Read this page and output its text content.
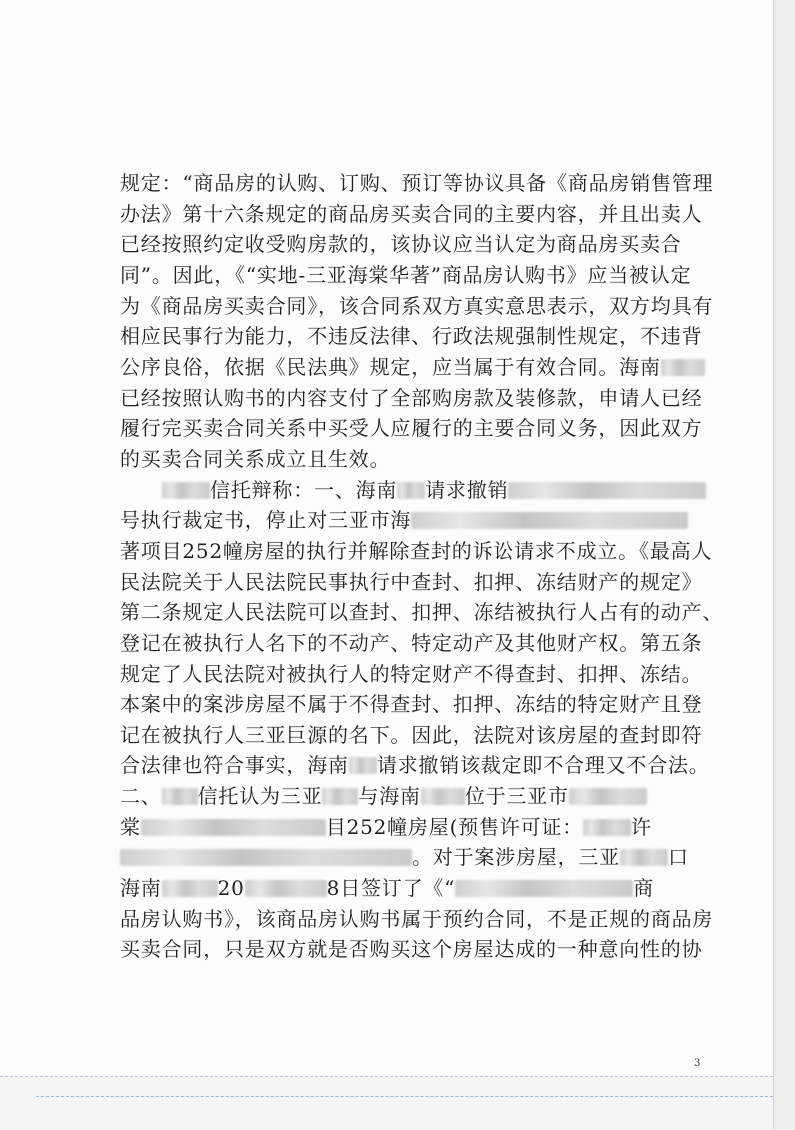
规定：“商品房的认购、订购、预订等协议具备《商品房销售管理
办法》第十六条规定的商品房买卖合同的主要内容，并且出卖人
已经按照约定收受购房款的，该协议应当认定为商品房买卖合
同”。因此，《“实地-三亚海棠华著”商品房认购书》应当被认定
为《商品房买卖合同》，该合同系双方真实意思表示，双方均具有
相应民事行为能力，不违反法律、行政法规强制性规定，不违背
公序良俗，依据《民法典》规定，应当属于有效合同。海南
已经按照认购书的内容支付了全部购房款及装修款，申请人已经
履行完买卖合同关系中买受人应履行的主要合同义务，因此双方
的买卖合同关系成立且生效。
信托辩称：一、海南 请求撤销
号执行裁定书，停止对三亚市海
著项目252幢房屋的执行并解除查封的诉讼请求不成立。《最高人
民法院关于人民法院民事执行中查封、扣押、冻结财产的规定》
第二条规定人民法院可以查封、扣押、冻结被执行人占有的动产、
登记在被执行人名下的不动产、特定动产及其他财产权。第五条
规定了人民法院对被执行人的特定财产不得查封、扣押、冻结。
本案中的案涉房屋不属于不得查封、扣押、冻结的特定财产且登
记在被执行人三亚巨源的名下。因此，法院对该房屋的查封即符
合法律也符合事实，海南 请求撤销该裁定即不合理又不合法。
二、 信托认为三亚 与海南 位于三亚市
棠	目252幢房屋(预售许可证： 许
。对于案涉房屋，三亚 口
海南	20	8日签订了《“	商
品房认购书》，该商品房认购书属于预约合同，不是正规的商品房
买卖合同，只是双方就是否购买这个房屋达成的一种意向性的协
3
